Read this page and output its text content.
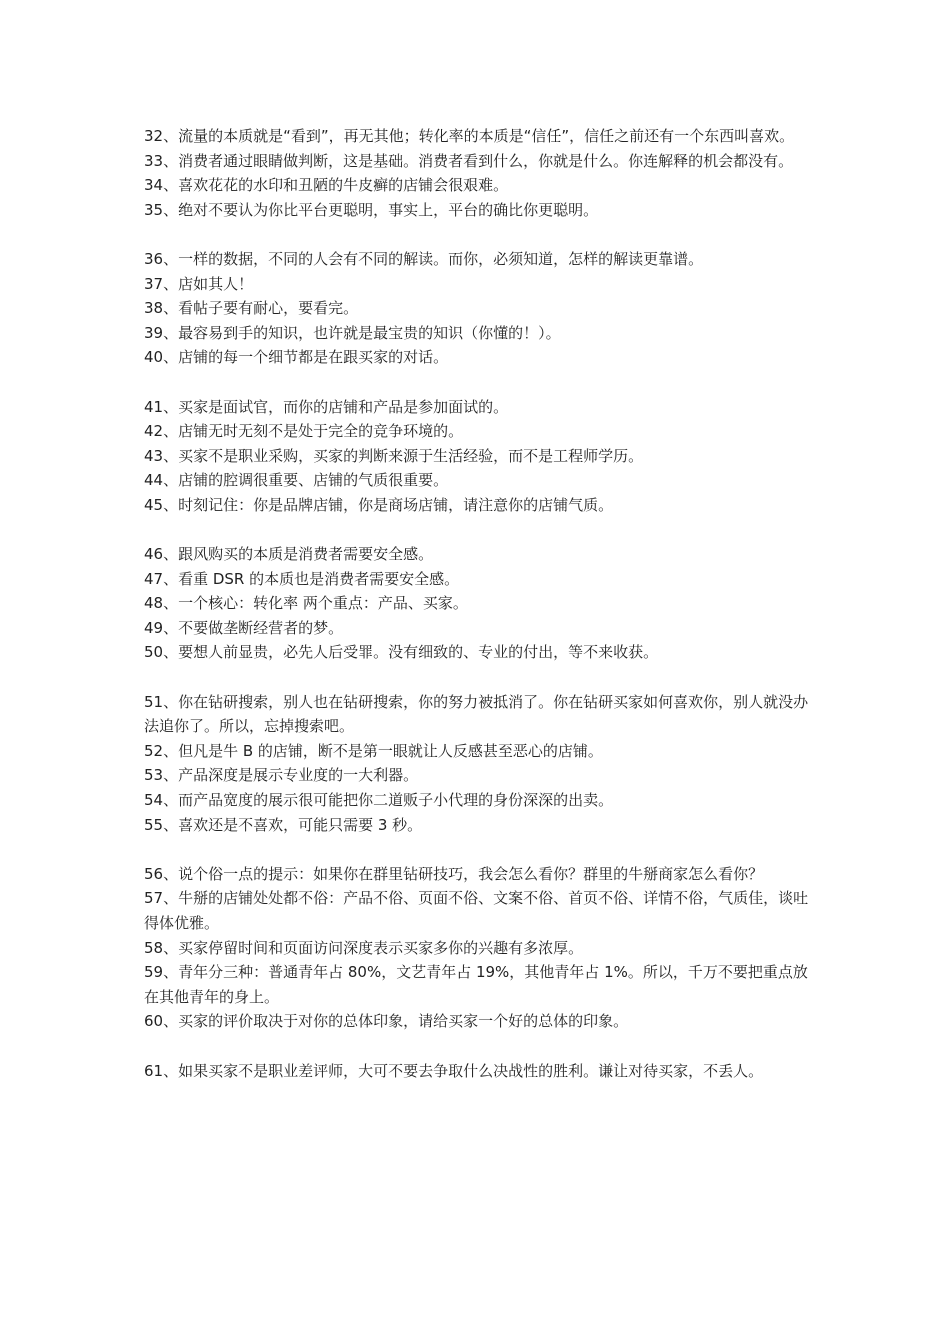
32、流量的本质就是“看到”，再无其他；转化率的本质是“信任”，信任之前还有一个东西叫喜欢。

33、消费者通过眼睛做判断，这是基础。消费者看到什么，你就是什么。你连解释的机会都没有。

34、喜欢花花的水印和丑陋的牛皮癣的店铺会很艰难。

35、绝对不要认为你比平台更聪明，事实上，平台的确比你更聪明。

36、一样的数据，不同的人会有不同的解读。而你，必须知道，怎样的解读更靠谱。

37、店如其人！

38、看帖子要有耐心，要看完。

39、最容易到手的知识，也许就是最宝贵的知识（你懂的！）。

40、店铺的每一个细节都是在跟买家的对话。

41、买家是面试官，而你的店铺和产品是参加面试的。

42、店铺无时无刻不是处于完全的竞争环境的。

43、买家不是职业采购，买家的判断来源于生活经验，而不是工程师学历。

44、店铺的腔调很重要、店铺的气质很重要。

45、时刻记住：你是品牌店铺，你是商场店铺，请注意你的店铺气质。

46、跟风购买的本质是消费者需要安全感。

47、看重 DSR 的本质也是消费者需要安全感。

48、一个核心：转化率 两个重点：产品、买家。

49、不要做垄断经营者的梦。

50、要想人前显贵，必先人后受罪。没有细致的、专业的付出，等不来收获。

51、你在钻研搜索，别人也在钻研搜索，你的努力被抵消了。你在钻研买家如何喜欢你，别人就没办法追你了。所以，忘掉搜索吧。

52、但凡是牛 B 的店铺，断不是第一眼就让人反感甚至恶心的店铺。

53、产品深度是展示专业度的一大利器。

54、而产品宽度的展示很可能把你二道贩子小代理的身份深深的出卖。

55、喜欢还是不喜欢，可能只需要 3 秒。

56、说个俗一点的提示：如果你在群里钻研技巧，我会怎么看你？群里的牛掰商家怎么看你？

57、牛掰的店铺处处都不俗：产品不俗、页面不俗、文案不俗、首页不俗、详情不俗，气质佳，谈吐得体优雅。

58、买家停留时间和页面访问深度表示买家多你的兴趣有多浓厚。

59、青年分三种：普通青年占 80%，文艺青年占 19%，其他青年占 1%。所以，千万不要把重点放在其他青年的身上。

60、买家的评价取决于对你的总体印象，请给买家一个好的总体的印象。

61、如果买家不是职业差评师，大可不要去争取什么决战性的胜利。谦让对待买家，不丢人。
